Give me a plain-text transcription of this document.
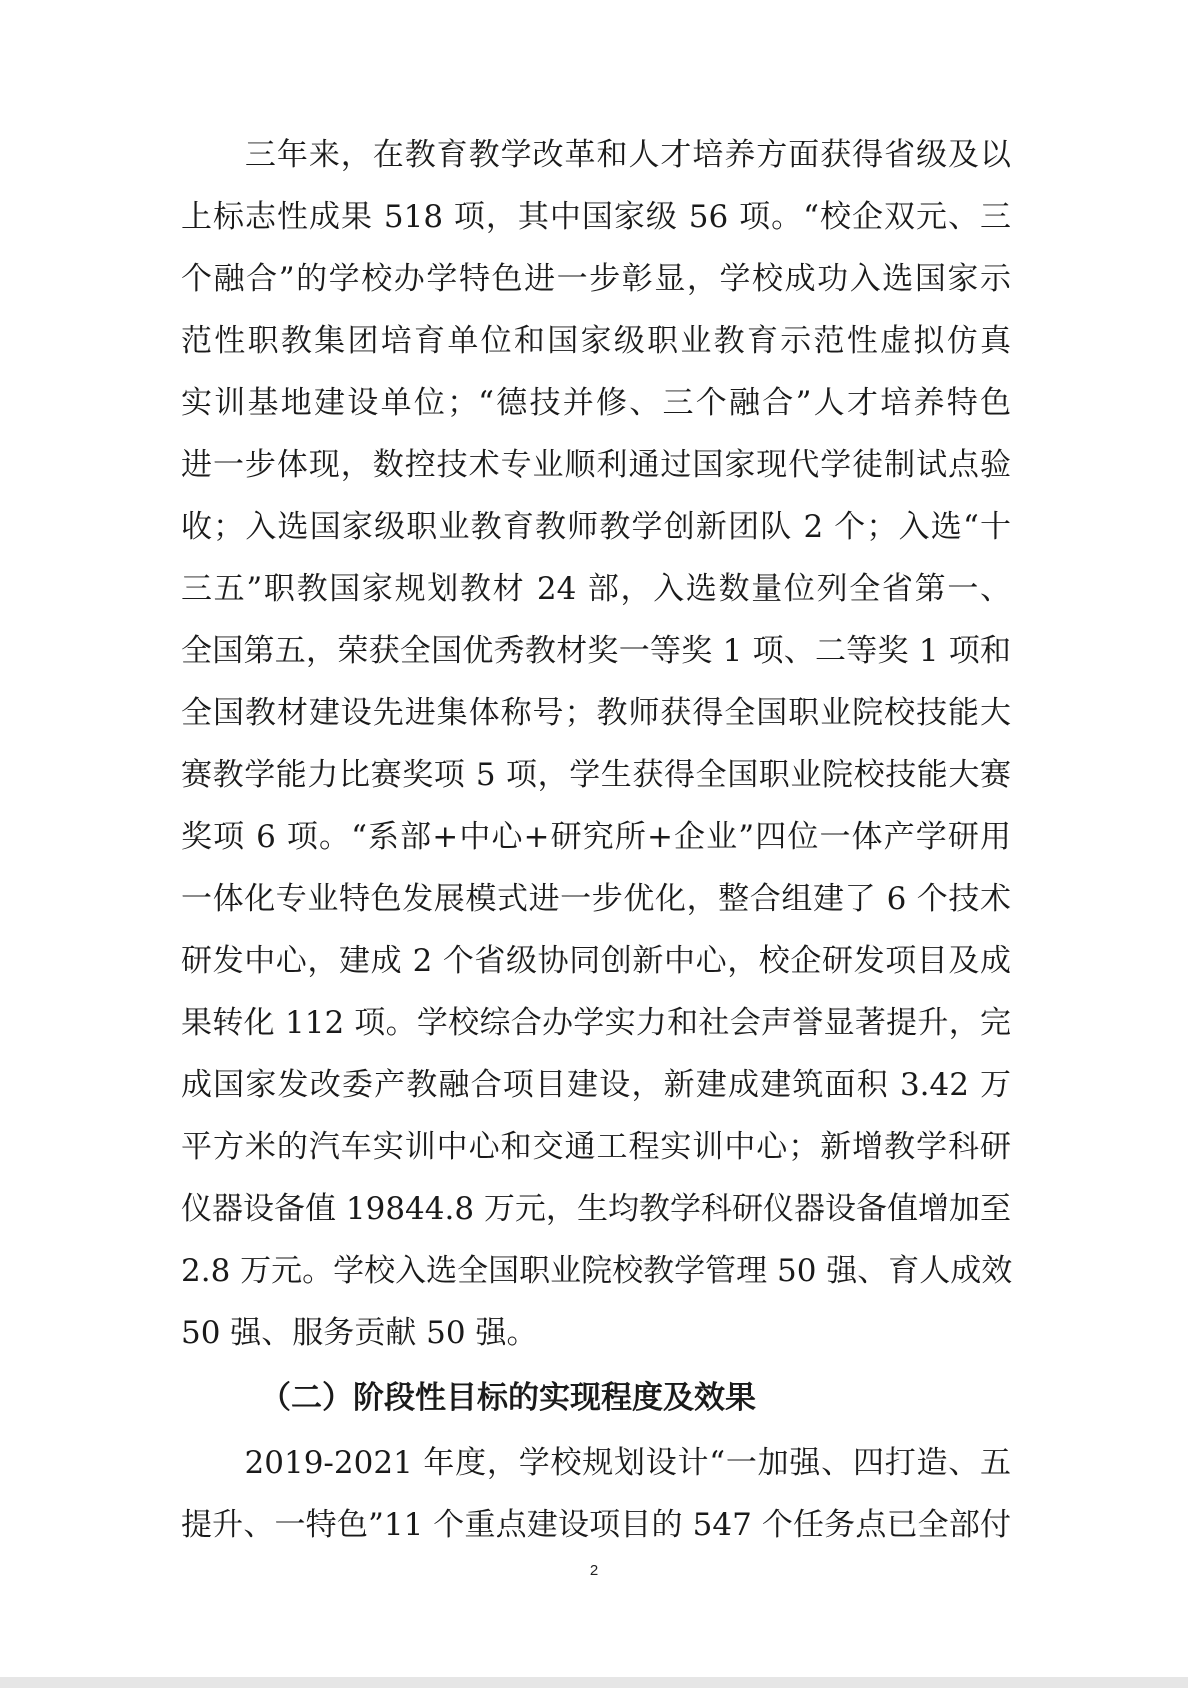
　　三年来，在教育教学改革和人才培养方面获得省级及以
上标志性成果 518 项，其中国家级 56 项。“校企双元、三
个融合”的学校办学特色进一步彰显，学校成功入选国家示
范性职教集团培育单位和国家级职业教育示范性虚拟仿真
实训基地建设单位；“德技并修、三个融合”人才培养特色
进一步体现，数控技术专业顺利通过国家现代学徒制试点验
收；入选国家级职业教育教师教学创新团队 2 个；入选“十
三五”职教国家规划教材 24 部，入选数量位列全省第一、
全国第五，荣获全国优秀教材奖一等奖 1 项、二等奖 1 项和
全国教材建设先进集体称号；教师获得全国职业院校技能大
赛教学能力比赛奖项 5 项，学生获得全国职业院校技能大赛
奖项 6 项。“系部+中心+研究所+企业”四位一体产学研用
一体化专业特色发展模式进一步优化，整合组建了 6 个技术
研发中心，建成 2 个省级协同创新中心，校企研发项目及成
果转化 112 项。学校综合办学实力和社会声誉显著提升，完
成国家发改委产教融合项目建设，新建成建筑面积 3.42 万
平方米的汽车实训中心和交通工程实训中心；新增教学科研
仪器设备值 19844.8 万元，生均教学科研仪器设备值增加至
2.8 万元。学校入选全国职业院校教学管理 50 强、育人成效
50 强、服务贡献 50 强。
（二）阶段性目标的实现程度及效果
　　2019-2021 年度，学校规划设计“一加强、四打造、五
提升、一特色”11 个重点建设项目的 547 个任务点已全部付
2
